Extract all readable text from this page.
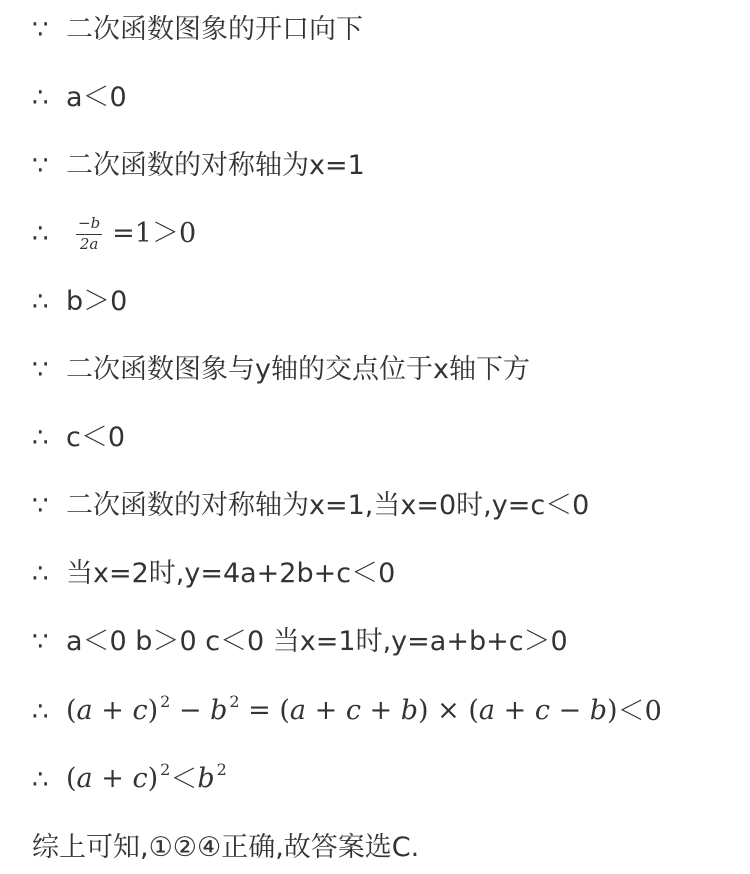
∵ 二次函数图象的开口向下
∴ a＜0
∵ 二次函数的对称轴为x=1
∴	$\frac{-b}{2a} =1>0$
∴ b＞0
∵ 二次函数图象与y轴的交点位于x轴下方
∴ c＜0
∵ 二次函数的对称轴为x=1,当x=0时,y=c＜0
∴ 当x=2时,y=4a+2b+c＜0
∵ a＜0 b＞0 c＜0 当x=1时,y=a+b+c＞0
∴ (a + c) $^2$ − b $^2$ = (a + c + b) × (a + c − b) ＜0
∴ (a + c) $^2$ ＜ b $^2$
综上可知,①②④正确,故答案选C.
